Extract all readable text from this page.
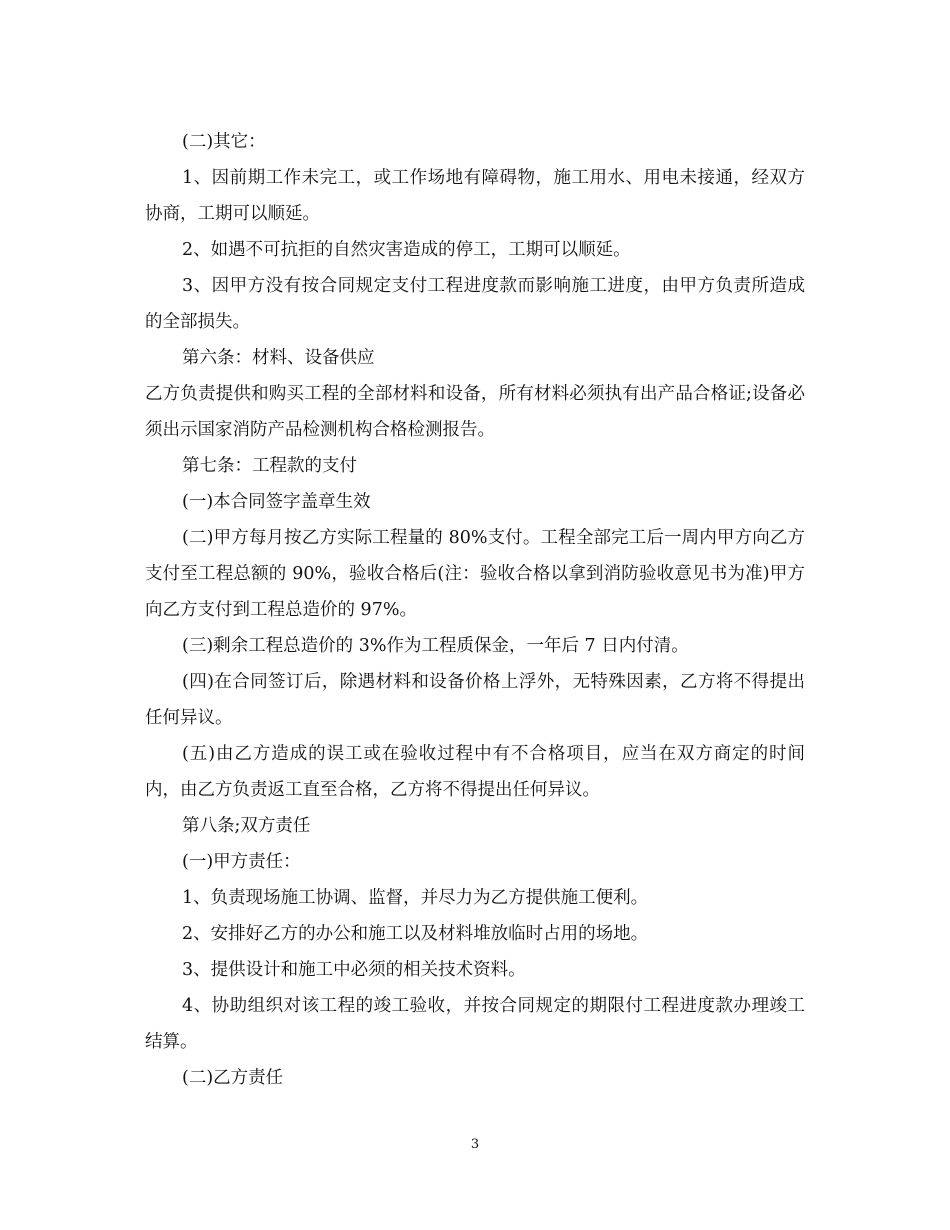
(二)其它：

1、因前期工作未完工，或工作场地有障碍物，施工用水、用电未接通，经双方协商，工期可以顺延。

2、如遇不可抗拒的自然灾害造成的停工，工期可以顺延。

3、因甲方没有按合同规定支付工程进度款而影响施工进度，由甲方负责所造成的全部损失。

第六条：材料、设备供应

乙方负责提供和购买工程的全部材料和设备，所有材料必须执有出产品合格证;设备必须出示国家消防产品检测机构合格检测报告。

第七条：工程款的支付

(一)本合同签字盖章生效

(二)甲方每月按乙方实际工程量的 80%支付。工程全部完工后一周内甲方向乙方支付至工程总额的 90%，验收合格后(注：验收合格以拿到消防验收意见书为准)甲方向乙方支付到工程总造价的 97%。

(三)剩余工程总造价的 3%作为工程质保金，一年后 7 日内付清。

(四)在合同签订后，除遇材料和设备价格上浮外，无特殊因素，乙方将不得提出任何异议。

(五)由乙方造成的误工或在验收过程中有不合格项目，应当在双方商定的时间内，由乙方负责返工直至合格，乙方将不得提出任何异议。

第八条;双方责任

(一)甲方责任：

1、负责现场施工协调、监督，并尽力为乙方提供施工便利。

2、安排好乙方的办公和施工以及材料堆放临时占用的场地。

3、提供设计和施工中必须的相关技术资料。

4、协助组织对该工程的竣工验收，并按合同规定的期限付工程进度款办理竣工结算。

(二)乙方责任

3
